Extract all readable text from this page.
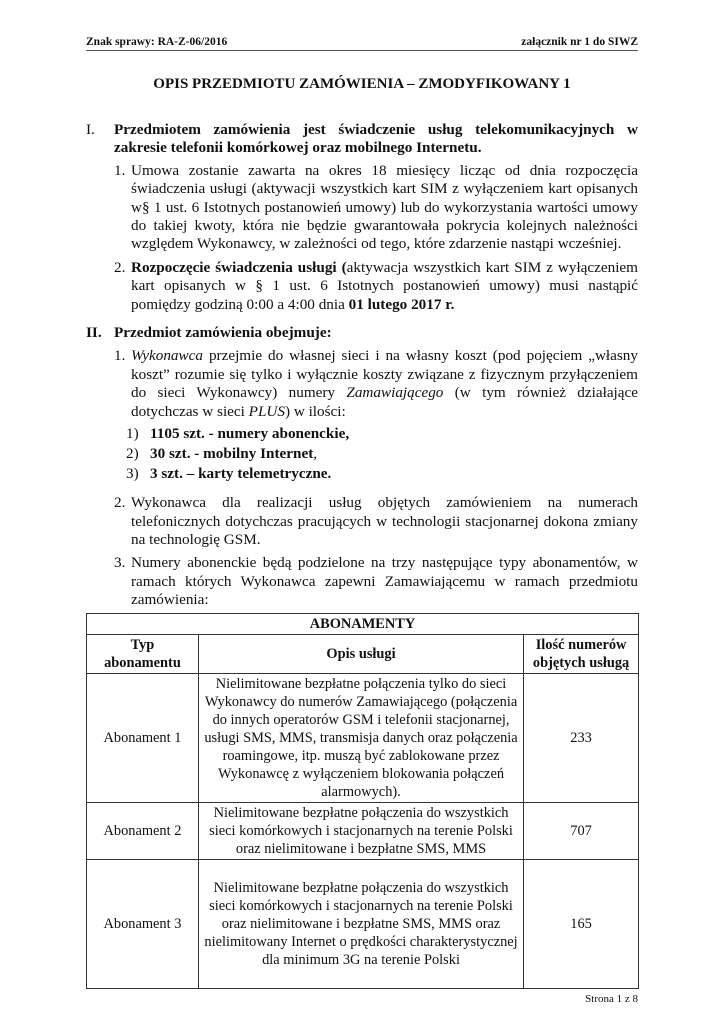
Znak sprawy: RA-Z-06/2016	załącznik nr 1 do SIWZ
OPIS PRZEDMIOTU ZAMÓWIENIA – ZMODYFIKOWANY 1
I. Przedmiotem zamówienia jest świadczenie usług telekomunikacyjnych w zakresie telefonii komórkowej oraz mobilnego Internetu.
1. Umowa zostanie zawarta na okres 18 miesięcy licząc od dnia rozpoczęcia świadczenia usługi (aktywacji wszystkich kart SIM z wyłączeniem kart opisanych w§ 1 ust. 6 Istotnych postanowień umowy) lub do wykorzystania wartości umowy do takiej kwoty, która nie będzie gwarantowała pokrycia kolejnych należności względem Wykonawcy, w zależności od tego, które zdarzenie nastąpi wcześniej.
2. Rozpoczęcie świadczenia usługi (aktywacja wszystkich kart SIM z wyłączeniem kart opisanych w § 1 ust. 6 Istotnych postanowień umowy) musi nastąpić pomiędzy godziną 0:00 a 4:00 dnia 01 lutego 2017 r.
II. Przedmiot zamówienia obejmuje:
1. Wykonawca przejmie do własnej sieci i na własny koszt (pod pojęciem „własny koszt” rozumie się tylko i wyłącznie koszty związane z fizycznym przyłączeniem do sieci Wykonawcy) numery Zamawiającego (w tym również działające dotychczas w sieci PLUS) w ilości:
1) 1105 szt. - numery abonenckie,
2) 30 szt. - mobilny Internet,
3) 3 szt. – karty telemetryczne.
2. Wykonawca dla realizacji usług objętych zamówieniem na numerach telefonicznych dotychczas pracujących w technologii stacjonarnej dokona zmiany na technologię GSM.
3. Numery abonenckie będą podzielone na trzy następujące typy abonamentów, w ramach których Wykonawca zapewni Zamawiającemu w ramach przedmiotu zamówienia:
ABONAMENTY		
Typ abonamentu	Opis usługi	Ilość numerów objętych usługą
Abonament 1	Nielimitowane bezpłatne połączenia tylko do sieci Wykonawcy do numerów Zamawiającego (połączenia do innych operatorów GSM i telefonii stacjonarnej, usługi SMS, MMS, transmisja danych oraz połączenia roamingowe, itp. muszą być zablokowane przez Wykonawcę z wyłączeniem blokowania połączeń alarmowych).	233
Abonament 2	Nielimitowane bezpłatne połączenia do wszystkich sieci komórkowych i stacjonarnych na terenie Polski oraz nielimitowane i bezpłatne SMS, MMS	707
Abonament 3	Nielimitowane bezpłatne połączenia do wszystkich sieci komórkowych i stacjonarnych na terenie Polski oraz nielimitowane i bezpłatne SMS, MMS oraz nielimitowany Internet o prędkości charakterystycznej dla minimum 3G na terenie Polski	165
Strona 1 z 8
